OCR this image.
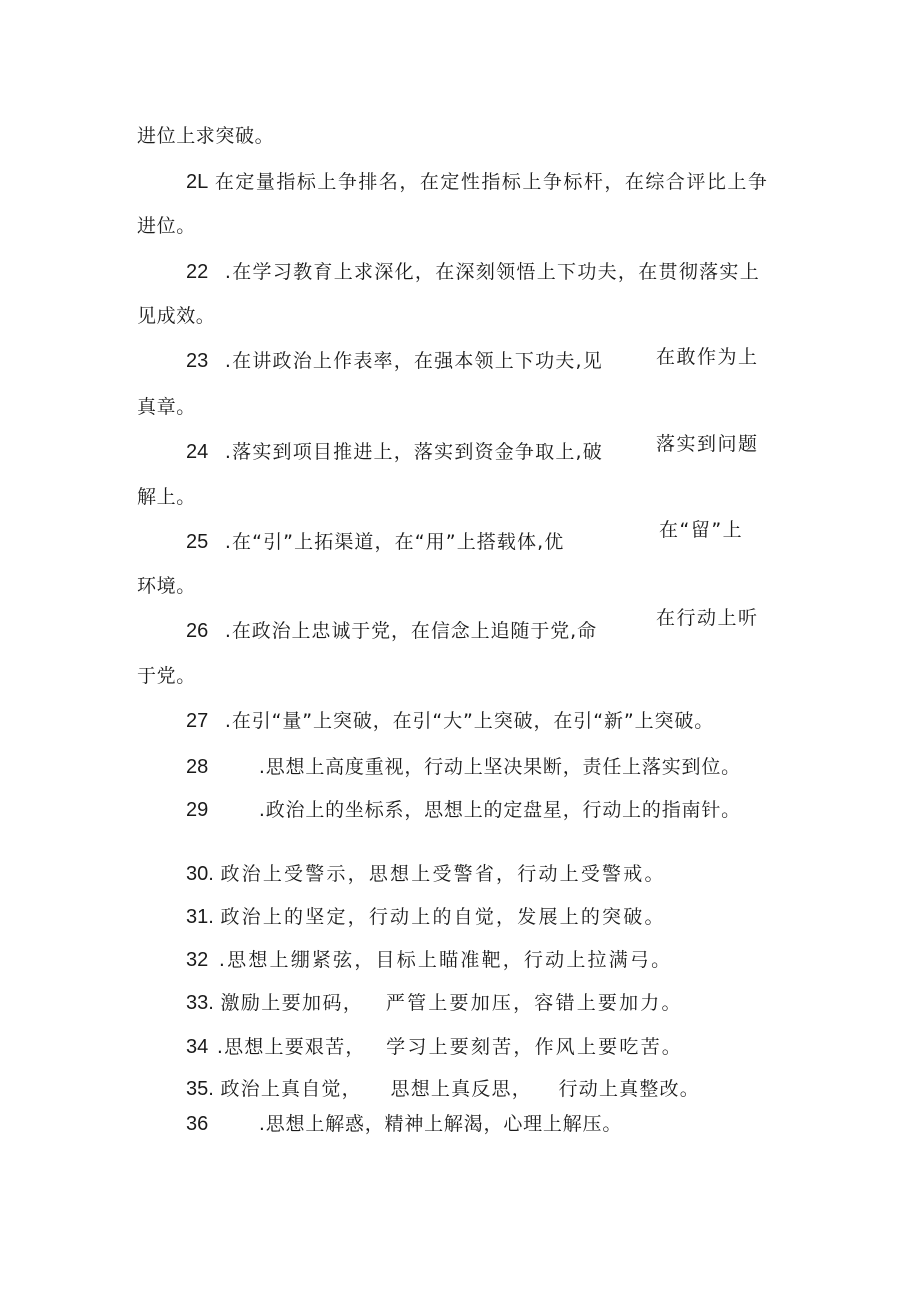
进位上求突破。

2L 在定量指标上争排名，在定性指标上争标杆，在综合评比上争

进位。

22 .在学习教育上求深化，在深刻领悟上下功夫，在贯彻落实上

见成效。

23 .在讲政治上作表率，在强本领上下功夫,见	在敢作为上

真章。

24 .落实到项目推进上，落实到资金争取上,破	落实到问题

解上。

25 .在“引”上拓渠道，在“用”上搭载体,优

在“留”上

环境。

26 .在政治上忠诚于党，在信念上追随于党,命

在行动上听

于党。

27 .在引“量”上突破，在引“大”上突破，在引“新”上突破。

28	.思想上高度重视，行动上坚决果断，责任上落实到位。

29	.政治上的坐标系，思想上的定盘星，行动上的指南针。

30. 政治上受警示，思想上受警省，行动上受警戒。

31. 政治上的坚定，行动上的自觉，发展上的突破。

32 .思想上绷紧弦，目标上瞄准靶，行动上拉满弓。

33. 激励上要加码， 严管上要加压，容错上要加力。

34 .思想上要艰苦， 学习上要刻苦，作风上要吃苦。

35. 政治上真自觉， 思想上真反思， 行动上真整改。

36	.思想上解惑，精神上解渴，心理上解压。
